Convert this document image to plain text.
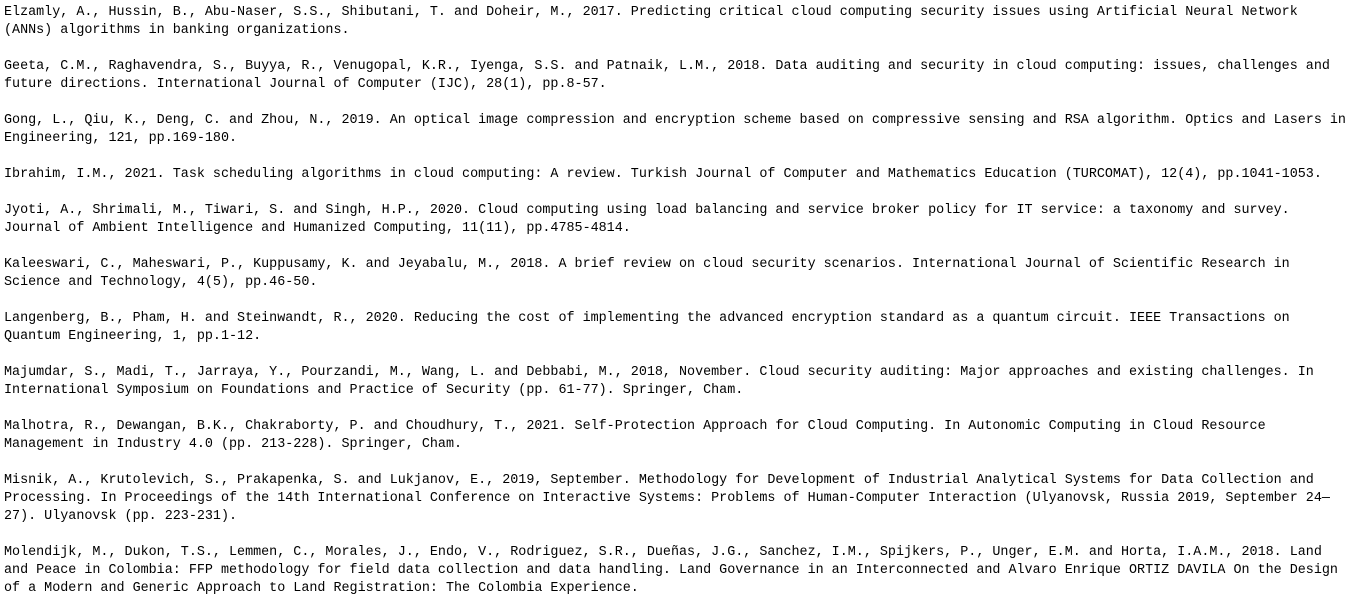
Elzamly, A., Hussin, B., Abu-Naser, S.S., Shibutani, T. and Doheir, M., 2017. Predicting critical cloud computing security issues using Artificial Neural Network
(ANNs) algorithms in banking organizations.

Geeta, C.M., Raghavendra, S., Buyya, R., Venugopal, K.R., Iyenga, S.S. and Patnaik, L.M., 2018. Data auditing and security in cloud computing: issues, challenges and
future directions. International Journal of Computer (IJC), 28(1), pp.8-57.

Gong, L., Qiu, K., Deng, C. and Zhou, N., 2019. An optical image compression and encryption scheme based on compressive sensing and RSA algorithm. Optics and Lasers in
Engineering, 121, pp.169-180.

Ibrahim, I.M., 2021. Task scheduling algorithms in cloud computing: A review. Turkish Journal of Computer and Mathematics Education (TURCOMAT), 12(4), pp.1041-1053.

Jyoti, A., Shrimali, M., Tiwari, S. and Singh, H.P., 2020. Cloud computing using load balancing and service broker policy for IT service: a taxonomy and survey.
Journal of Ambient Intelligence and Humanized Computing, 11(11), pp.4785-4814.

Kaleeswari, C., Maheswari, P., Kuppusamy, K. and Jeyabalu, M., 2018. A brief review on cloud security scenarios. International Journal of Scientific Research in
Science and Technology, 4(5), pp.46-50.

Langenberg, B., Pham, H. and Steinwandt, R., 2020. Reducing the cost of implementing the advanced encryption standard as a quantum circuit. IEEE Transactions on
Quantum Engineering, 1, pp.1-12.

Majumdar, S., Madi, T., Jarraya, Y., Pourzandi, M., Wang, L. and Debbabi, M., 2018, November. Cloud security auditing: Major approaches and existing challenges. In
International Symposium on Foundations and Practice of Security (pp. 61-77). Springer, Cham.

Malhotra, R., Dewangan, B.K., Chakraborty, P. and Choudhury, T., 2021. Self-Protection Approach for Cloud Computing. In Autonomic Computing in Cloud Resource
Management in Industry 4.0 (pp. 213-228). Springer, Cham.

Misnik, A., Krutolevich, S., Prakapenka, S. and Lukjanov, E., 2019, September. Methodology for Development of Industrial Analytical Systems for Data Collection and
Processing. In Proceedings of the 14th International Conference on Interactive Systems: Problems of Human-Computer Interaction (Ulyanovsk, Russia 2019, September 24—
27). Ulyanovsk (pp. 223-231).

Molendijk, M., Dukon, T.S., Lemmen, C., Morales, J., Endo, V., Rodriguez, S.R., Dueñas, J.G., Sanchez, I.M., Spijkers, P., Unger, E.M. and Horta, I.A.M., 2018. Land
and Peace in Colombia: FFP methodology for field data collection and data handling. Land Governance in an Interconnected and Alvaro Enrique ORTIZ DAVILA On the Design
of a Modern and Generic Approach to Land Registration: The Colombia Experience.
